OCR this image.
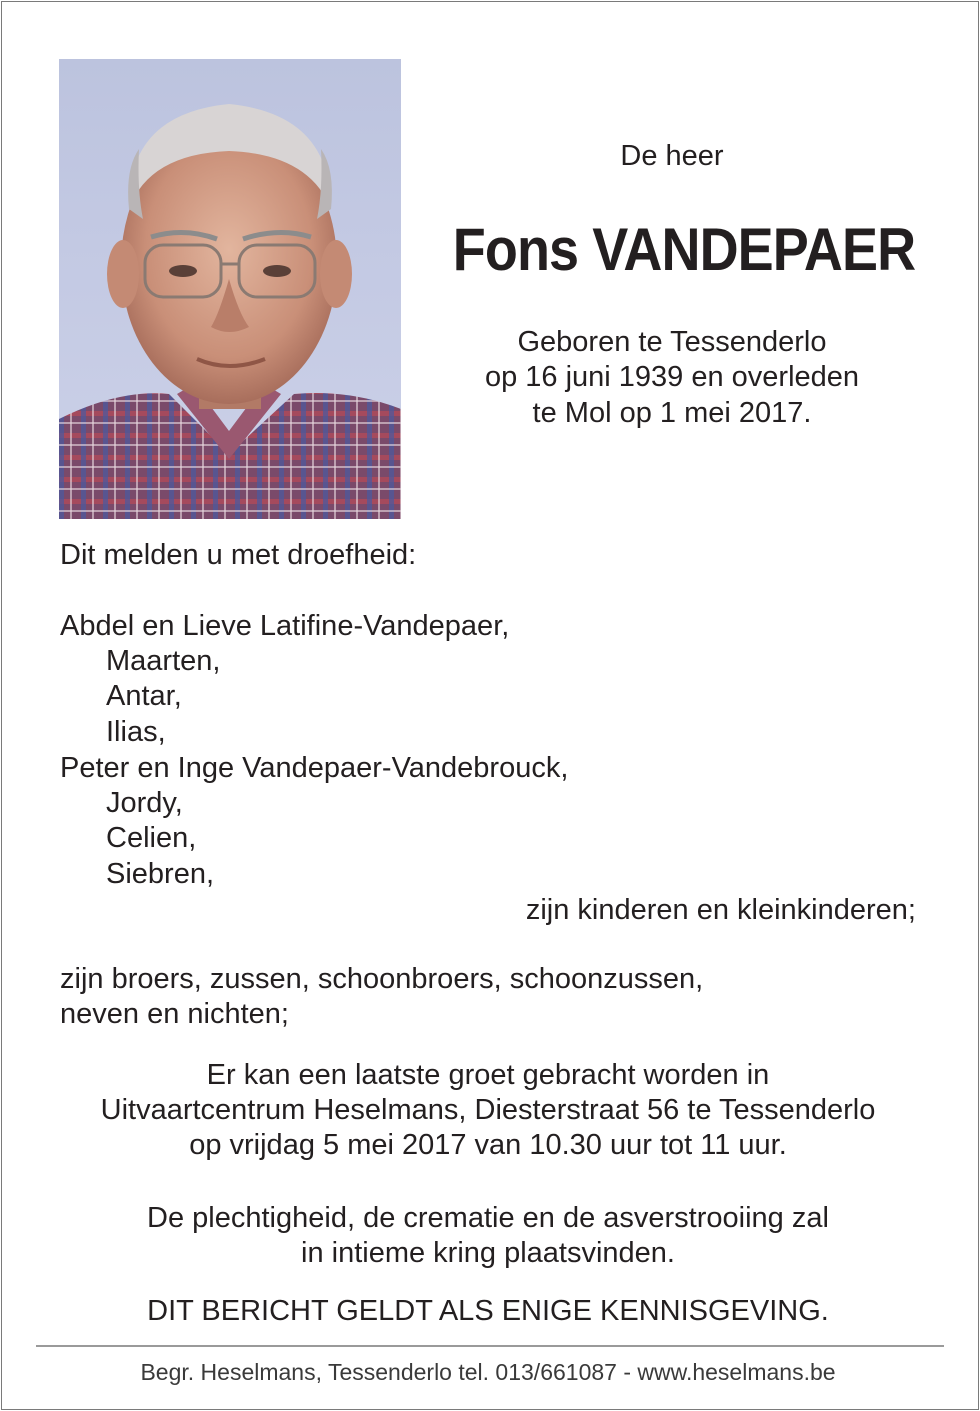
De heer
Fons VANDEPAER
Geboren te Tessenderlo
op 16 juni 1939 en overleden
te Mol op 1 mei 2017.
Dit melden u met droefheid:
Abdel en Lieve Latifine-Vandepaer,
Maarten,
Antar,
Ilias,
Peter en Inge Vandepaer-Vandebrouck,
Jordy,
Celien,
Siebren,
zijn kinderen en kleinkinderen;
zijn broers, zussen, schoonbroers, schoonzussen,
neven en nichten;
Er kan een laatste groet gebracht worden in
Uitvaartcentrum Heselmans, Diesterstraat 56 te Tessenderlo
op vrijdag 5 mei 2017 van 10.30 uur tot 11 uur.
De plechtigheid, de crematie en de asverstrooiing zal
in intieme kring plaatsvinden.
DIT BERICHT GELDT ALS ENIGE KENNISGEVING.
Begr. Heselmans, Tessenderlo tel. 013/661087 - www.heselmans.be
